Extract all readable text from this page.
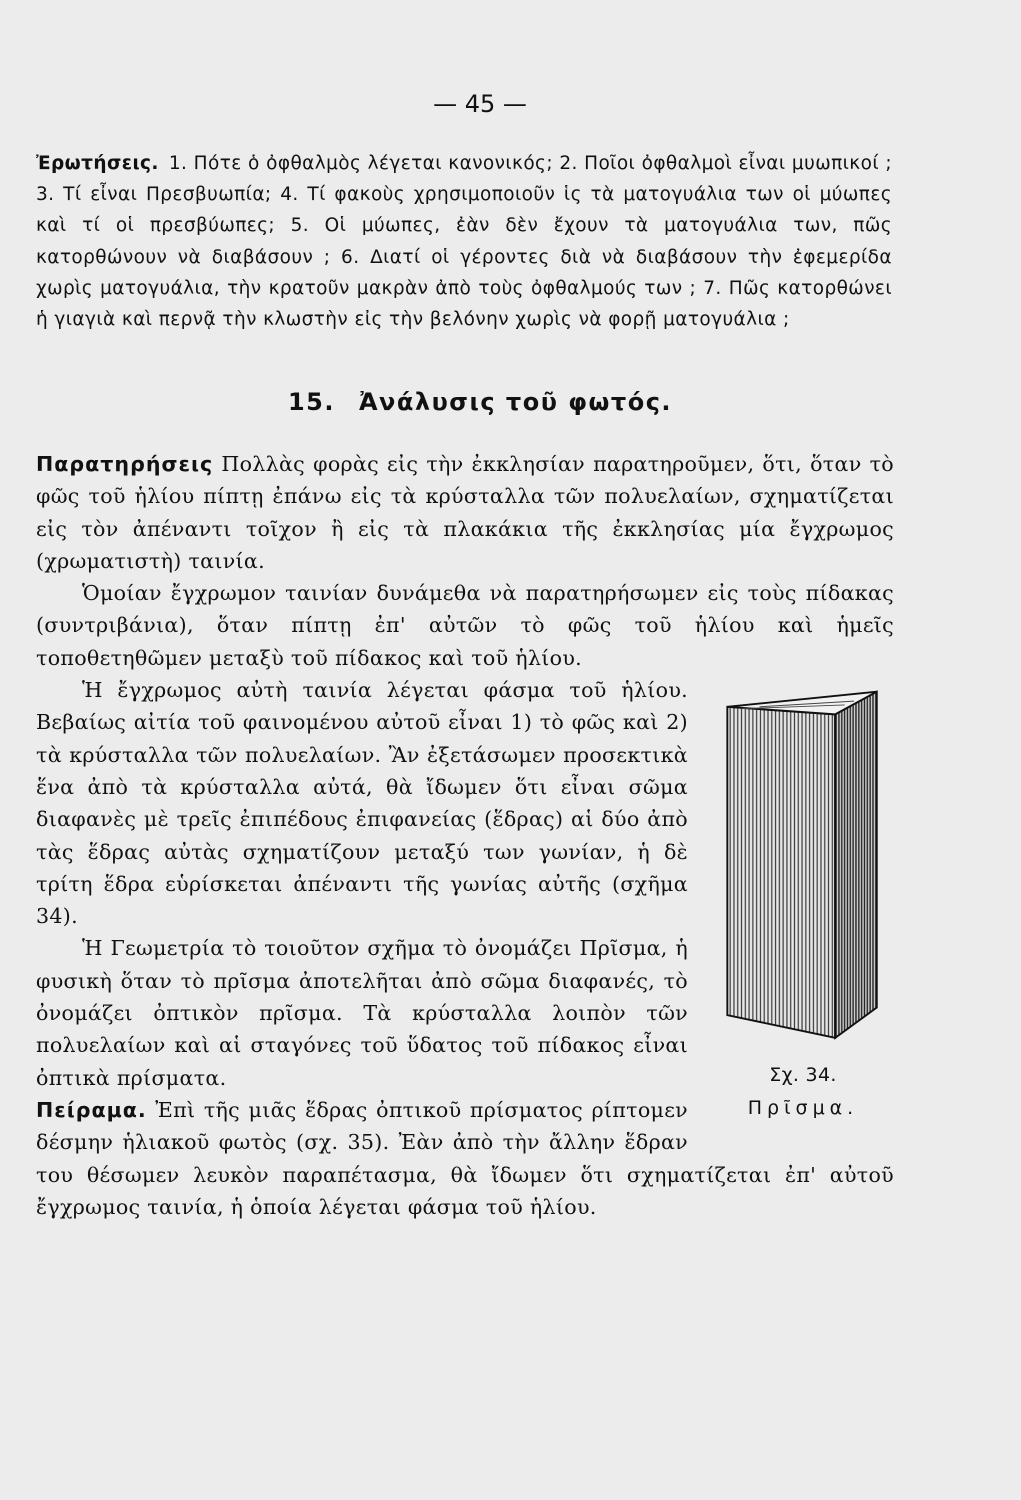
— 45 —
Ἐρωτήσεις. 1. Πότε ὁ ὀφθαλμὸς λέγεται κανονικός; 2. Ποῖοι ὀφθαλμοὶ εἶναι μυωπικοί ; 3. Τί εἶναι Πρεσβυωπία; 4. Τί φακοὺς χρησιμοποιοῦν ἱς τὰ ματογυάλια των οἱ μύωπες καὶ τί οἱ πρεσβύωπες; 5. Οἱ μύωπες, ἐὰν δὲν ἔχουν τὰ ματογυάλια των, πῶς κατορθώνουν νὰ διαβάσουν ; 6. Διατί οἱ γέροντες διὰ νὰ διαβάσουν τὴν ἐφεμερίδα χωρὶς ματογυάλια, τὴν κρατοῦν μακρὰν ἀπὸ τοὺς ὀφθαλμούς των ; 7. Πῶς κατορθώνει ἡ γιαγιὰ καὶ περνᾷ τὴν κλωστὴν εἰς τὴν βελόνην χωρὶς νὰ φορῇ ματογυάλια ;
15. Ἀνάλυσις τοῦ φωτός.

Παρατηρήσεις Πολλὰς φορὰς εἰς τὴν ἐκκλησίαν παρατηροῦμεν, ὅτι, ὅταν τὸ φῶς τοῦ ἡλίου πίπτῃ ἐπάνω εἰς τὰ κρύσταλλα τῶν πολυελαίων, σχηματίζεται εἰς τὸν ἀπέναντι τοῖχον ἢ εἰς τὰ πλακάκια τῆς ἐκκλησίας μία ἔγχρωμος (χρωματιστὴ) ταινία.

Ὁμοίαν ἔγχρωμον ταινίαν δυνάμεθα νὰ παρατηρήσωμεν εἰς τοὺς πίδακας (συντριβάνια), ὅταν πίπτῃ ἐπ' αὐτῶν τὸ φῶς τοῦ ἡλίου καὶ ἡμεῖς τοποθετηθῶμεν μεταξὺ τοῦ πίδακος καὶ τοῦ ἡλίου.

Σχ. 34.
Πρῖσμα.

Ἡ ἔγχρωμος αὐτὴ ταινία λέγεται φάσμα τοῦ ἡλίου. Βεβαίως αἰτία τοῦ φαινομένου αὐτοῦ εἶναι 1) τὸ φῶς καὶ 2) τὰ κρύσταλλα τῶν πολυελαίων. Ἂν ἐξετάσωμεν προσεκτικὰ ἕνα ἀπὸ τὰ κρύσταλλα αὐτά, θὰ ἴδωμεν ὅτι εἶναι σῶμα διαφανὲς μὲ τρεῖς ἐπιπέδους ἐπιφανείας (ἕδρας) αἱ δύο ἀπὸ τὰς ἕδρας αὐτὰς σχηματίζουν μεταξύ των γωνίαν, ἡ δὲ τρίτη ἕδρα εὑρίσκεται ἀπέναντι τῆς γωνίας αὐτῆς (σχῆμα 34).

Ἡ Γεωμετρία τὸ τοιοῦτον σχῆμα τὸ ὀνομάζει Πρῖσμα, ἡ φυσικὴ ὅταν τὸ πρῖσμα ἀποτελῆται ἀπὸ σῶμα διαφανές, τὸ ὀνομάζει ὀπτικὸν πρῖσμα. Τὰ κρύσταλλα λοιπὸν τῶν πολυελαίων καὶ αἱ σταγόνες τοῦ ὕδατος τοῦ πίδακος εἶναι ὀπτικὰ πρίσματα.

Πείραμα. Ἐπὶ τῆς μιᾶς ἕδρας ὀπτικοῦ πρίσματος ρίπτομεν δέσμην ἡλιακοῦ φωτὸς (σχ. 35). Ἐὰν ἀπὸ τὴν ἄλλην ἕδραν του θέσωμεν λευκὸν παραπέτασμα, θὰ ἴδωμεν ὅτι σχηματίζεται ἐπ' αὐτοῦ ἔγχρωμος ταινία, ἡ ὁποία λέγεται φάσμα τοῦ ἡλίου.
